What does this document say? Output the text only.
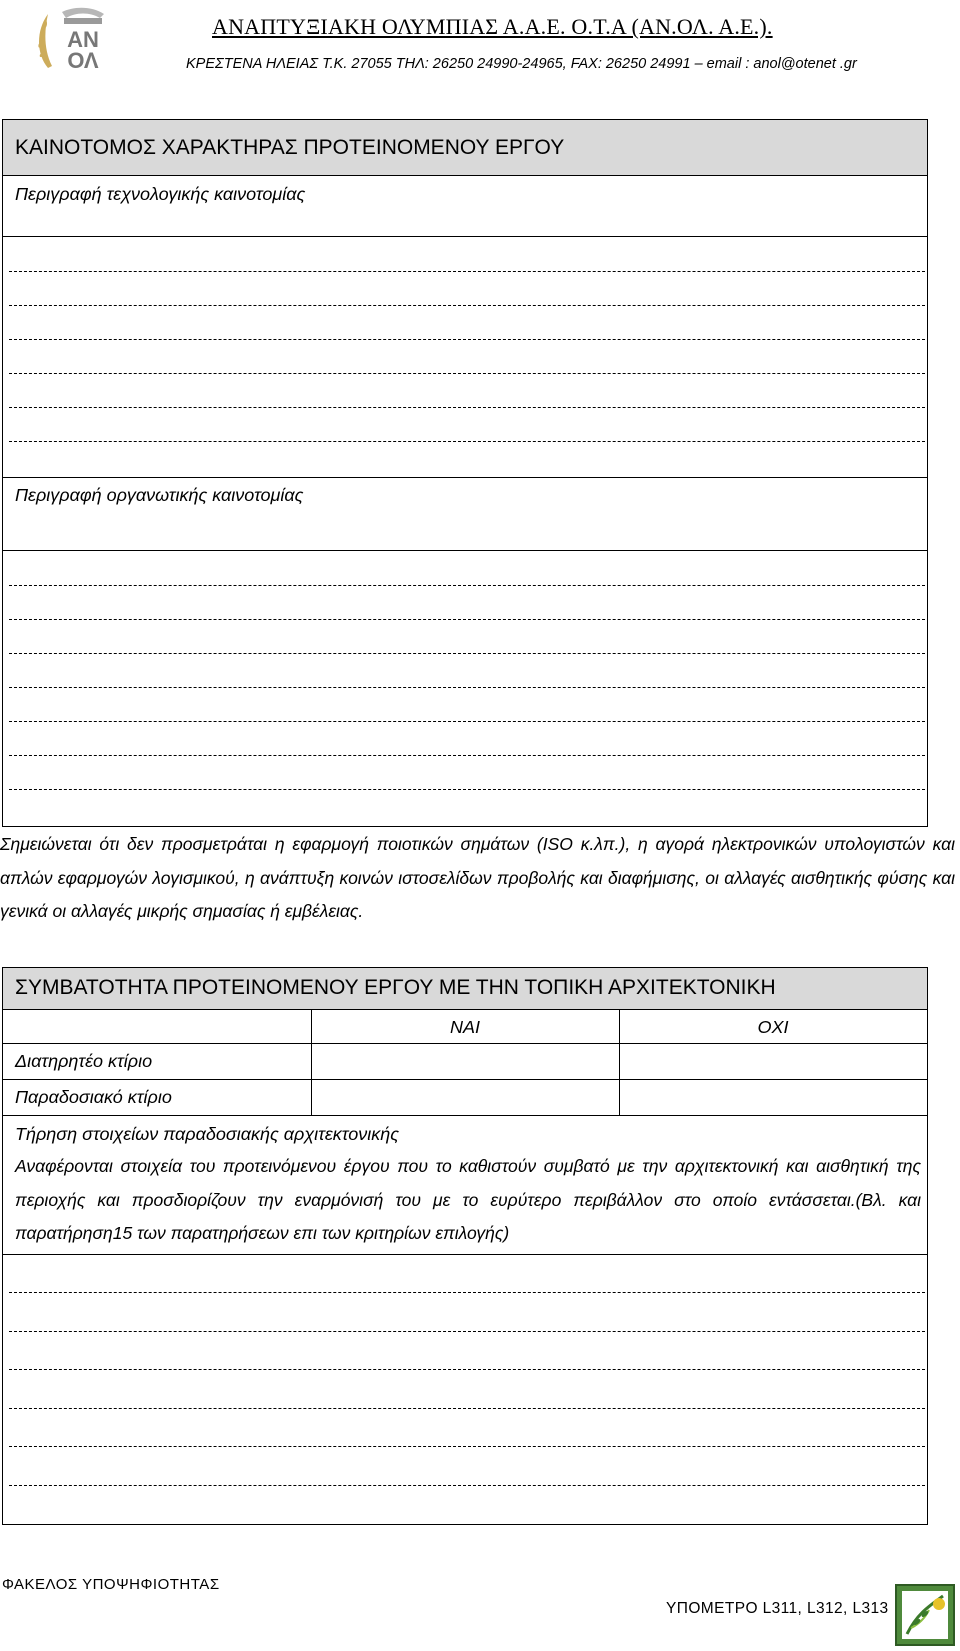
ΑΝ
ΟΛ
ΑΝΑΠΤΥΞΙΑΚΗ ΟΛΥΜΠΙΑΣ Α.Α.Ε. Ο.Τ.Α (ΑΝ.ΟΛ. Α.Ε.).
ΚΡΕΣΤΕΝΑ ΗΛΕΙΑΣ Τ.Κ. 27055 ΤΗΛ: 26250 24990-24965, FAX: 26250 24991 – email : anol@otenet .gr
ΚΑΙΝΟΤΟΜΟΣ ΧΑΡΑΚΤΗΡΑΣ ΠΡΟΤΕΙΝΟΜΕΝΟΥ ΕΡΓΟΥ
Περιγραφή τεχνολογικής καινοτομίας
Περιγραφή οργανωτικής καινοτομίας
Σημειώνεται ότι δεν προσμετράται η εφαρμογή ποιοτικών σημάτων (ISO κ.λπ.), η αγορά ηλεκτρονικών υπολογιστών και απλών εφαρμογών λογισμικού, η ανάπτυξη κοινών ιστοσελίδων προβολής και διαφήμισης, οι αλλαγές αισθητικής φύσης και γενικά οι αλλαγές μικρής σημασίας ή εμβέλειας.
ΣΥΜΒΑΤΟΤΗΤΑ ΠΡΟΤΕΙΝΟΜΕΝΟΥ ΕΡΓΟΥ ΜΕ ΤΗΝ ΤΟΠΙΚΗ ΑΡΧΙΤΕΚΤΟΝΙΚΗ
ΝΑΙ	ΟΧΙ
Διατηρητέο κτίριο
Παραδοσιακό κτίριο
Τήρηση στοιχείων παραδοσιακής αρχιτεκτονικής
Αναφέρονται στοιχεία του προτεινόμενου έργου που το καθιστούν συμβατό με την αρχιτεκτονική και αισθητική της περιοχής και προσδιορίζουν την εναρμόνισή του με το ευρύτερο περιβάλλον στο οποίο εντάσσεται.(Βλ. και παρατήρηση15 των παρατηρήσεων επι των κριτηρίων επιλογής)
ΦΑΚΕΛΟΣ ΥΠΟΨΗΦΙΟΤΗΤΑΣ
ΥΠΟΜΕΤΡΟ L311, L312, L313
